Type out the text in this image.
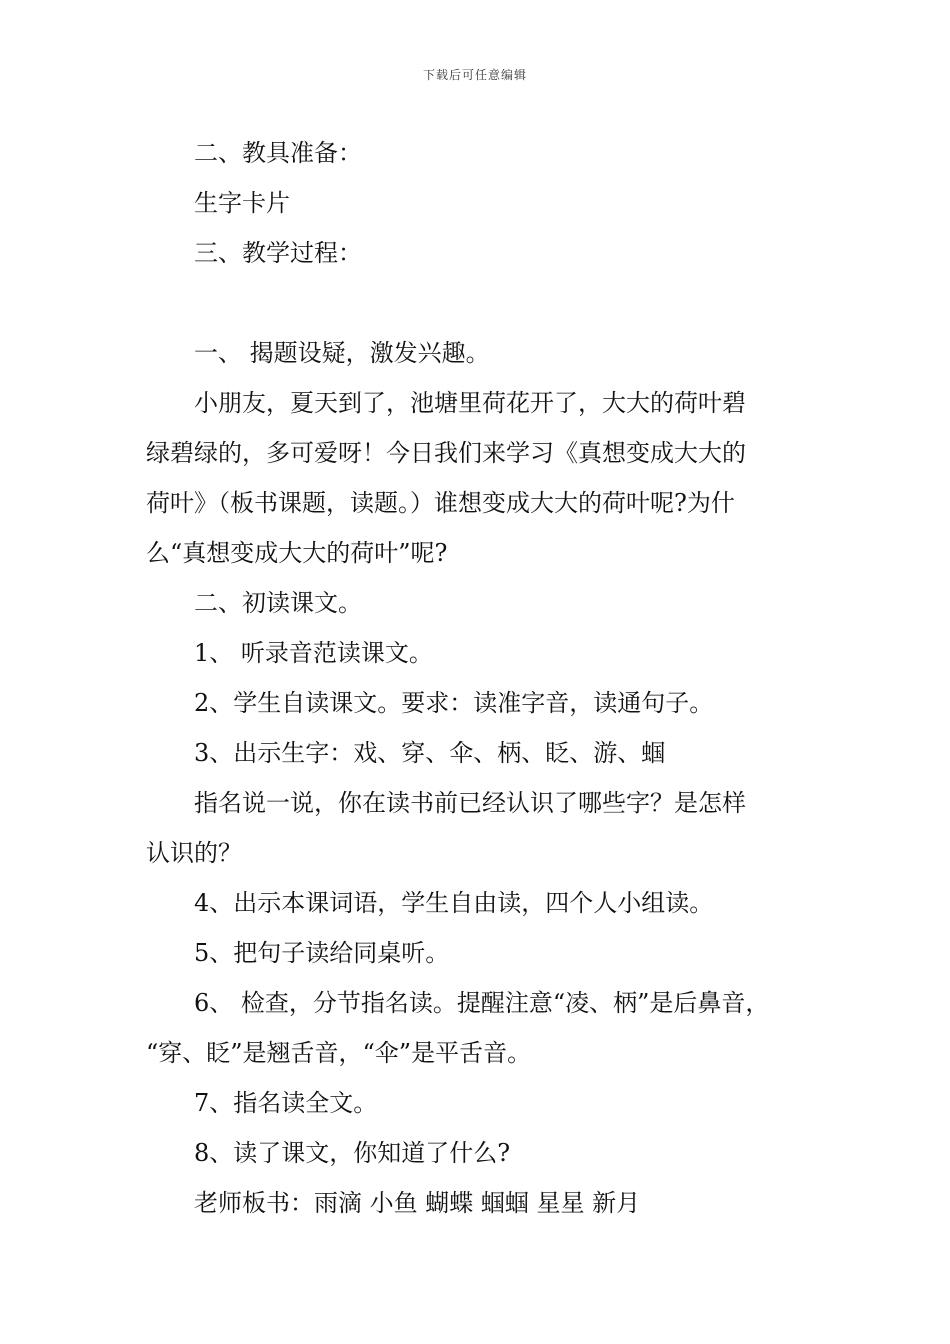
下载后可任意编辑
二、教具准备：
生字卡片
三、教学过程：
一、 揭题设疑，激发兴趣。
小朋友，夏天到了，池塘里荷花开了，大大的荷叶碧
绿碧绿的，多可爱呀！今日我们来学习《真想变成大大的
荷叶》（板书课题，读题。）谁想变成大大的荷叶呢?为什
么“真想变成大大的荷叶”呢?
二、初读课文。
1、 听录音范读课文。
2、学生自读课文。要求：读准字音，读通句子。
3、出示生字：戏、穿、伞、柄、眨、游、蝈
指名说一说，你在读书前已经认识了哪些字？是怎样
认识的？
4、出示本课词语，学生自由读，四个人小组读。
5、把句子读给同桌听。
6、 检查，分节指名读。提醒注意“凌、柄”是后鼻音，
“穿、眨”是翘舌音，“伞”是平舌音。
7、指名读全文。
8、读了课文，你知道了什么?
老师板书：雨滴 小鱼 蝴蝶 蝈蝈 星星 新月
